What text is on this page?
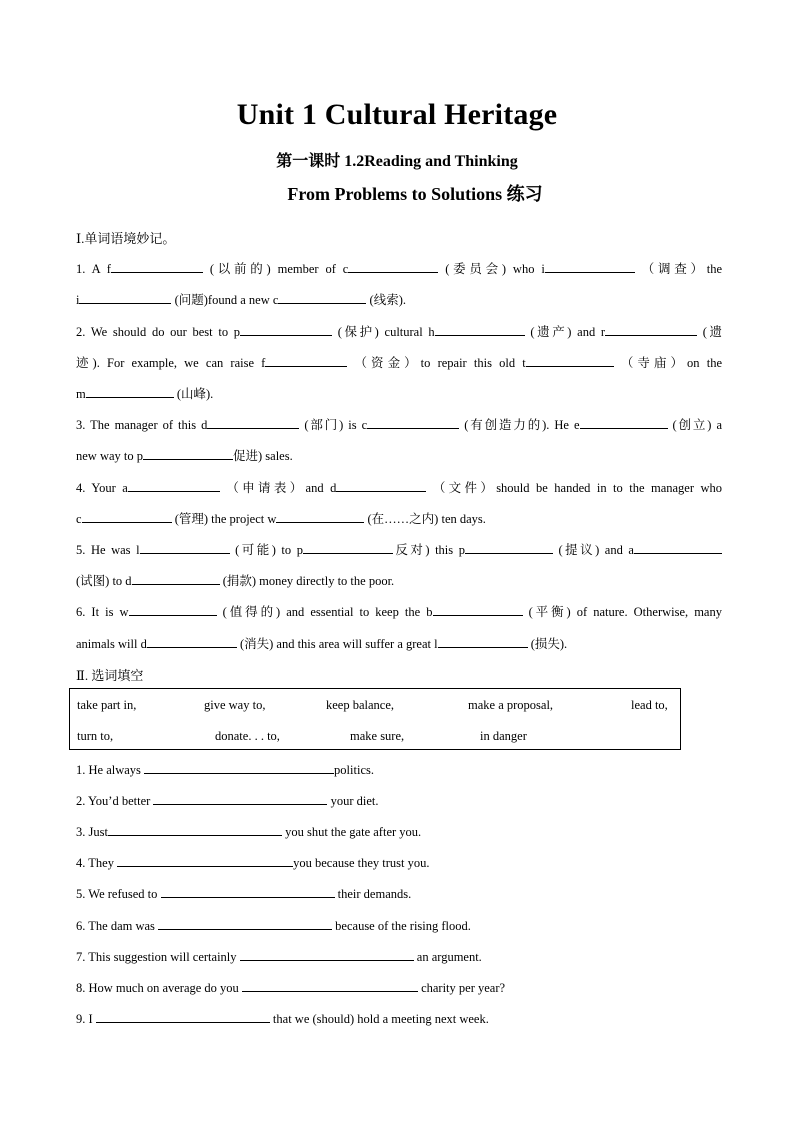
Unit 1 Cultural Heritage
第一课时 1.2Reading and Thinking
From Problems to Solutions 练习
Ⅰ.单词语境妙记。
1. A f	(以前的) member of c	(委员会) who i	（调查）the
i	(问题)found a new c	(线索).
2. We should do our best to p	(保护) cultural h	(遗产) and r	(遗
迹). For example, we can raise f	（资金）to repair this old t	（寺庙）on the
m	(山峰).
3. The manager of this d	(部门) is c	(有创造力的). He e	(创立) a
new way to p	促进) sales.
4. Your a	（申请表）and d	（文件）should be handed in to the manager who
c	(管理) the project w	(在……之内) ten days.
5. He was l	(可能) to p	反对) this p	(提议) and a
(试图) to d	(捐款) money directly to the poor.
6. It is w	(值得的) and essential to keep the b	(平衡) of nature. Otherwise, many
animals will d	(消失) and this area will suffer a great l	(损失).
Ⅱ. 选词填空
take part in,	give way to,	keep balance,	make a proposal,	lead to,
turn to,	donate. . . to,	make sure,	in danger
1. He always	politics.
2. You’d better	your diet.
3. Just	you shut the gate after you.
4. They	you because they trust you.
5. We refused to	their demands.
6. The dam was	because of the rising flood.
7. This suggestion will certainly	an argument.
8. How much on average do you	charity per year?
9. I	that we (should) hold a meeting next week.
